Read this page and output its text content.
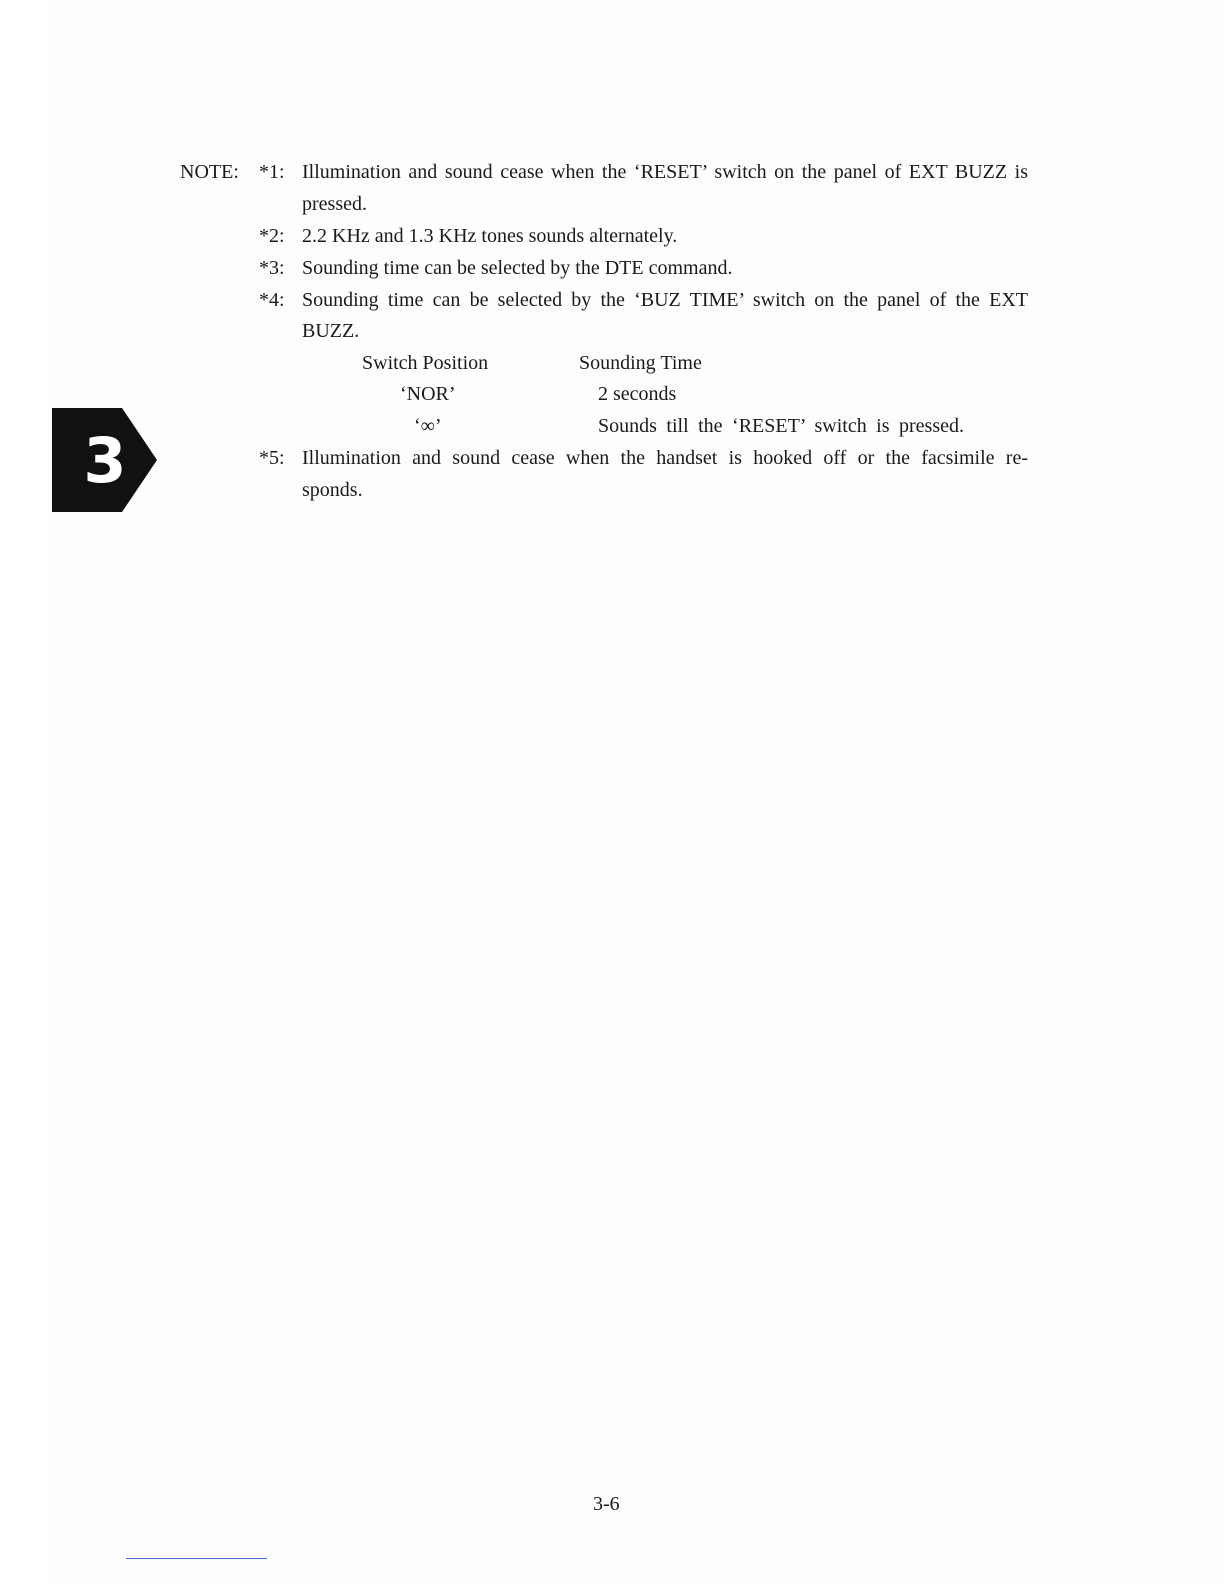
3
NOTE: *1: Illumination and sound cease when the ‘RESET’ switch on the panel of EXT BUZZ is
pressed.
*2: 2.2 KHz and 1.3 KHz tones sounds alternately.
*3: Sounding time can be selected by the DTE command.
*4: Sounding time can be selected by the ‘BUZ TIME’ switch on the panel of the EXT
BUZZ.
Switch Position	Sounding Time
‘NOR’	2 seconds
‘∞’	Sounds till the ‘RESET’ switch is pressed.
*5: Illumination and sound cease when the handset is hooked off or the facsimile re-
sponds.
3-6
